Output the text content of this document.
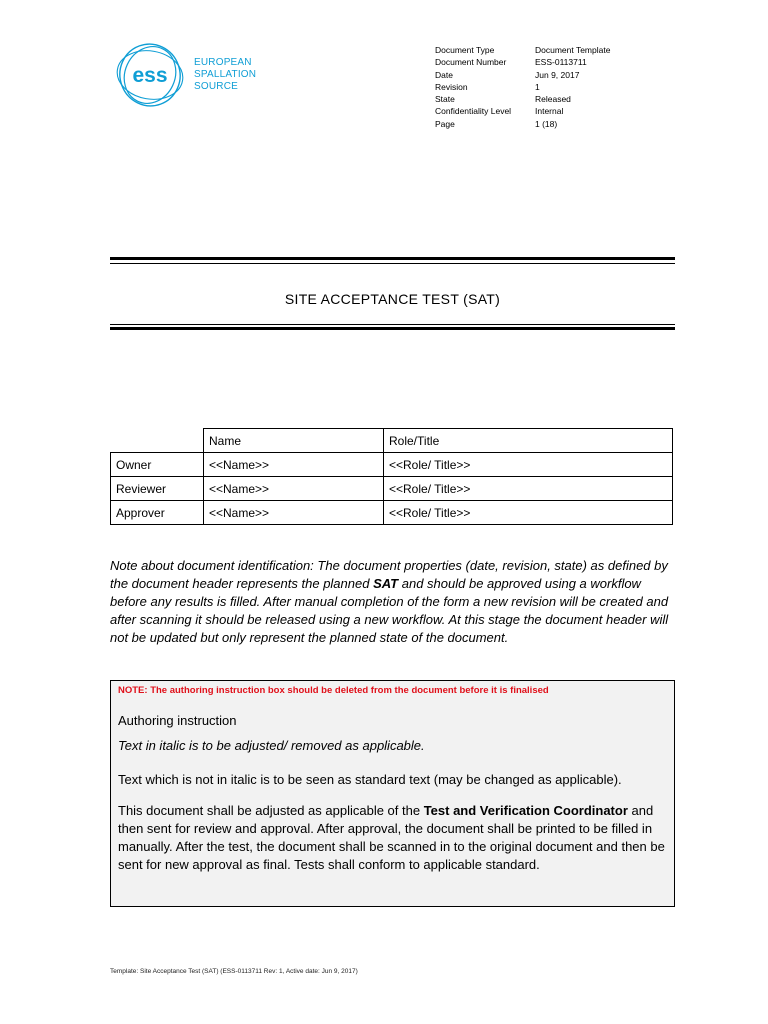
ess
EUROPEAN
SPALLATION
SOURCE
Document Type	Document Template
Document Number	ESS-0113711
Date	Jun 9, 2017
Revision	1
State	Released
Confidentiality Level	Internal
Page	1 (18)
SITE ACCEPTANCE TEST (SAT)
	Name	Role/Title
Owner	<<Name>>	<<Role/ Title>>
Reviewer	<<Name>>	<<Role/ Title>>
Approver	<<Name>>	<<Role/ Title>>
Note about document identification: The document properties (date, revision, state) as defined by the document header represents the planned SAT and should be approved using a workflow before any results is filled. After manual completion of the form a new revision will be created and after scanning it should be released using a new workflow. At this stage the document header will not be updated but only represent the planned state of the document.
NOTE: The authoring instruction box should be deleted from the document before it is finalised
Authoring instruction
Text in italic is to be adjusted/ removed as applicable.
Text which is not in italic is to be seen as standard text (may be changed as applicable).
This document shall be adjusted as applicable of the Test and Verification Coordinator and then sent for review and approval. After approval, the document shall be printed to be filled in manually. After the test, the document shall be scanned in to the original document and then be sent for new approval as final. Tests shall conform to applicable standard.
Template: Site Acceptance Test (SAT) (ESS-0113711 Rev: 1, Active date: Jun 9, 2017)
